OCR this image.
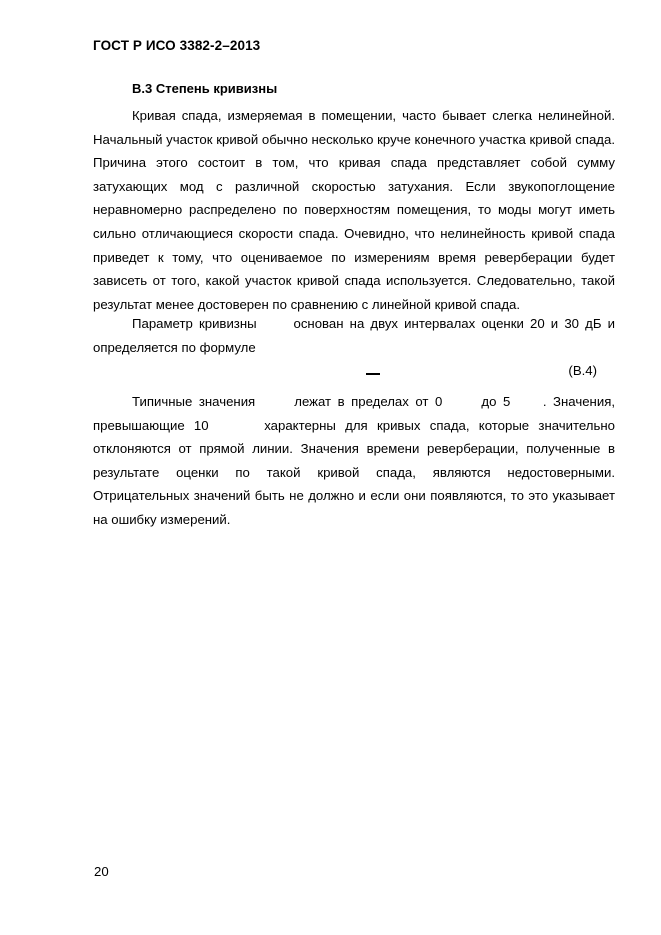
ГОСТ Р ИСО 3382-2–2013
В.3 Степень кривизны

Кривая спада, измеряемая в помещении, часто бывает слегка нелинейной. Начальный участок кривой обычно несколько круче конечного участка кривой спада. Причина этого состоит в том, что кривая спада представляет собой сумму затухающих мод с различной скоростью затухания. Если звукопоглощение неравномерно распределено по поверхностям помещения, то моды могут иметь сильно отличающиеся скорости спада. Очевидно, что нелинейность кривой спада приведет к тому, что оцениваемое по измерениям время реверберации будет зависеть от того, какой участок кривой спада используется. Следовательно, такой результат менее достоверен по сравнению с линейной кривой спада.

Параметр кривизны      основан на двух интервалах оценки 20 и 30 дБ и определяется по формуле

(В.4)

Типичные значения      лежат в пределах от 0      до 5     . Значения, превышающие 10      характерны для кривых спада, которые значительно отклоняются от прямой линии. Значения времени реверберации, полученные в результате оценки по такой кривой спада, являются недостоверными. Отрицательных значений быть не должно и если они появляются, то это указывает на ошибку измерений.

20
